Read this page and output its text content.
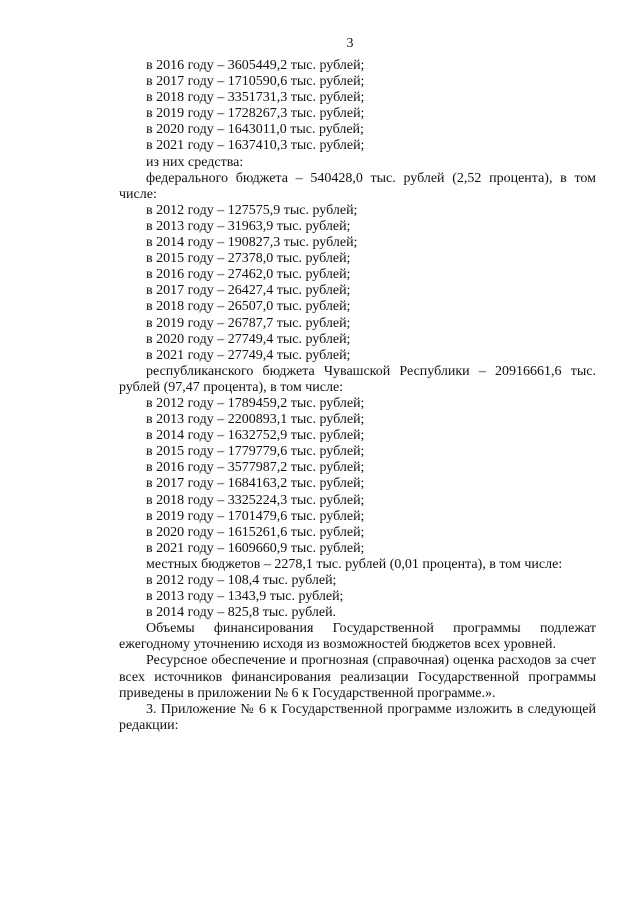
3

в 2016 году – 3605449,2 тыс. рублей;

в 2017 году – 1710590,6 тыс. рублей;

в 2018 году – 3351731,3 тыс. рублей;

в 2019 году – 1728267,3 тыс. рублей;

в 2020 году – 1643011,0 тыс. рублей;

в 2021 году – 1637410,3 тыс. рублей;

из них средства:

федерального бюджета – 540428,0 тыс. рублей (2,52 процента), в том числе:

в 2012 году – 127575,9 тыс. рублей;

в 2013 году – 31963,9 тыс. рублей;

в 2014 году – 190827,3 тыс. рублей;

в 2015 году – 27378,0 тыс. рублей;

в 2016 году – 27462,0 тыс. рублей;

в 2017 году – 26427,4 тыс. рублей;

в 2018 году – 26507,0 тыс. рублей;

в 2019 году – 26787,7 тыс. рублей;

в 2020 году – 27749,4 тыс. рублей;

в 2021 году – 27749,4 тыс. рублей;

республиканского бюджета Чувашской Республики – 20916661,6 тыс. рублей (97,47 процента), в том числе:

в 2012 году – 1789459,2 тыс. рублей;

в 2013 году – 2200893,1 тыс. рублей;

в 2014 году – 1632752,9 тыс. рублей;

в 2015 году – 1779779,6 тыс. рублей;

в 2016 году – 3577987,2 тыс. рублей;

в 2017 году – 1684163,2 тыс. рублей;

в 2018 году – 3325224,3 тыс. рублей;

в 2019 году – 1701479,6 тыс. рублей;

в 2020 году – 1615261,6 тыс. рублей;

в 2021 году – 1609660,9 тыс. рублей;

местных бюджетов – 2278,1 тыс. рублей (0,01 процента), в том числе:

в 2012 году – 108,4 тыс. рублей;

в 2013 году – 1343,9 тыс. рублей;

в 2014 году – 825,8 тыс. рублей.

Объемы финансирования Государственной программы подлежат ежегодному уточнению исходя из возможностей бюджетов всех уровней.

Ресурсное обеспечение и прогнозная (справочная) оценка расходов за счет всех источников финансирования реализации Государственной программы приведены в приложении № 6 к Государственной программе.».

3. Приложение № 6 к Государственной программе изложить в следующей редакции:
